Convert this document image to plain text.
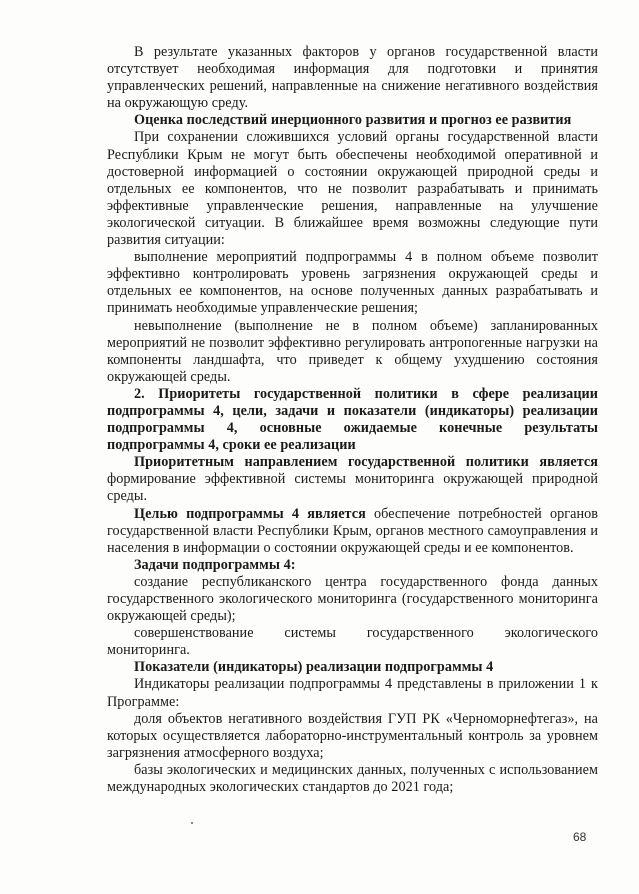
В результате указанных факторов у органов государственной власти отсутствует необходимая информация для подготовки и принятия управленческих решений, направленные на снижение негативного воздействия на окружающую среду.

Оценка последствий инерционного развития и прогноз ее развития

При сохранении сложившихся условий органы государственной власти Республики Крым не могут быть обеспечены необходимой оперативной и достоверной информацией о состоянии окружающей природной среды и отдельных ее компонентов, что не позволит разрабатывать и принимать эффективные управленческие решения, направленные на улучшение экологической ситуации. В ближайшее время возможны следующие пути развития ситуации:

выполнение мероприятий подпрограммы 4 в полном объеме позволит эффективно контролировать уровень загрязнения окружающей среды и отдельных ее компонентов, на основе полученных данных разрабатывать и принимать необходимые управленческие решения;

невыполнение (выполнение не в полном объеме) запланированных мероприятий не позволит эффективно регулировать антропогенные нагрузки на компоненты ландшафта, что приведет к общему ухудшению состояния окружающей среды.

2. Приоритеты государственной политики в сфере реализации подпрограммы 4, цели, задачи и показатели (индикаторы) реализации подпрограммы 4, основные ожидаемые конечные результаты подпрограммы 4, сроки ее реализации

Приоритетным направлением государственной политики является формирование эффективной системы мониторинга окружающей природной среды.

Целью подпрограммы 4 является обеспечение потребностей органов государственной власти Республики Крым, органов местного самоуправления и населения в информации о состоянии окружающей среды и ее компонентов.

Задачи подпрограммы 4:

создание республиканского центра государственного фонда данных государственного экологического мониторинга (государственного мониторинга окружающей среды);

совершенствование системы государственного экологического мониторинга.

Показатели (индикаторы) реализации подпрограммы 4

Индикаторы реализации подпрограммы 4 представлены в приложении 1 к Программе:

доля объектов негативного воздействия ГУП РК «Черноморнефтегаз», на которых осуществляется лабораторно-инструментальный контроль за уровнем загрязнения атмосферного воздуха;

базы экологических и медицинских данных, полученных с использованием международных экологических стандартов до 2021 года;

68
